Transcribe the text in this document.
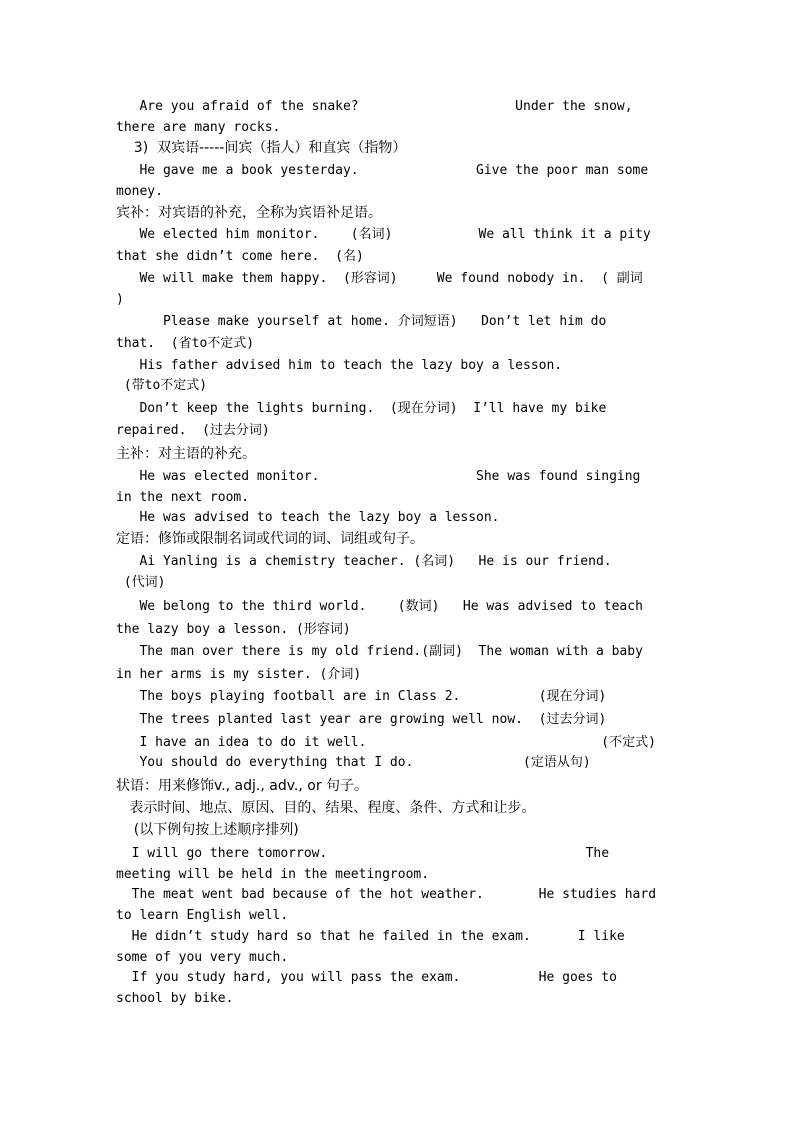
Are you afraid of the snake?                    Under the snow,
there are many rocks.
3)  双宾语-----间宾（指人）和直宾（指物）
He gave me a book yesterday.               Give the poor man some
money.
宾补：对宾语的补充，全称为宾语补足语。
We elected him monitor.    (名词)           We all think it a pity
that she didn’t come here.  (名)
We will make them happy.  (形容词)     We found nobody in.  ( 副词
)
Please make yourself at home. 介词短语)   Don’t let him do
that.  (省to不定式)
His father advised him to teach the lazy boy a lesson.
(带to不定式)
Don’t keep the lights burning.  (现在分词)  I’ll have my bike
repaired.  (过去分词)
主补：对主语的补充。
He was elected monitor.                    She was found singing
in the next room.
He was advised to teach the lazy boy a lesson.
定语：修饰或限制名词或代词的词、词组或句子。
Ai Yanling is a chemistry teacher. (名词)   He is our friend.
(代词)
We belong to the third world.    (数词)   He was advised to teach
the lazy boy a lesson. (形容词)
The man over there is my old friend.(副词)  The woman with a baby
in her arms is my sister. (介词)
The boys playing football are in Class 2.          (现在分词)
The trees planted last year are growing well now.  (过去分词)
I have an idea to do it well.                              (不定式)
You should do everything that I do.              (定语从句)
状语：用来修饰v., adj., adv., or 句子。
表示时间、地点、原因、目的、结果、程度、条件、方式和让步。
(以下例句按上述顺序排列)
I will go there tomorrow.                                 The
meeting will be held in the meetingroom.
The meat went bad because of the hot weather.       He studies hard
to learn English well.
He didn’t study hard so that he failed in the exam.      I like
some of you very much.
If you study hard, you will pass the exam.          He goes to
school by bike.
